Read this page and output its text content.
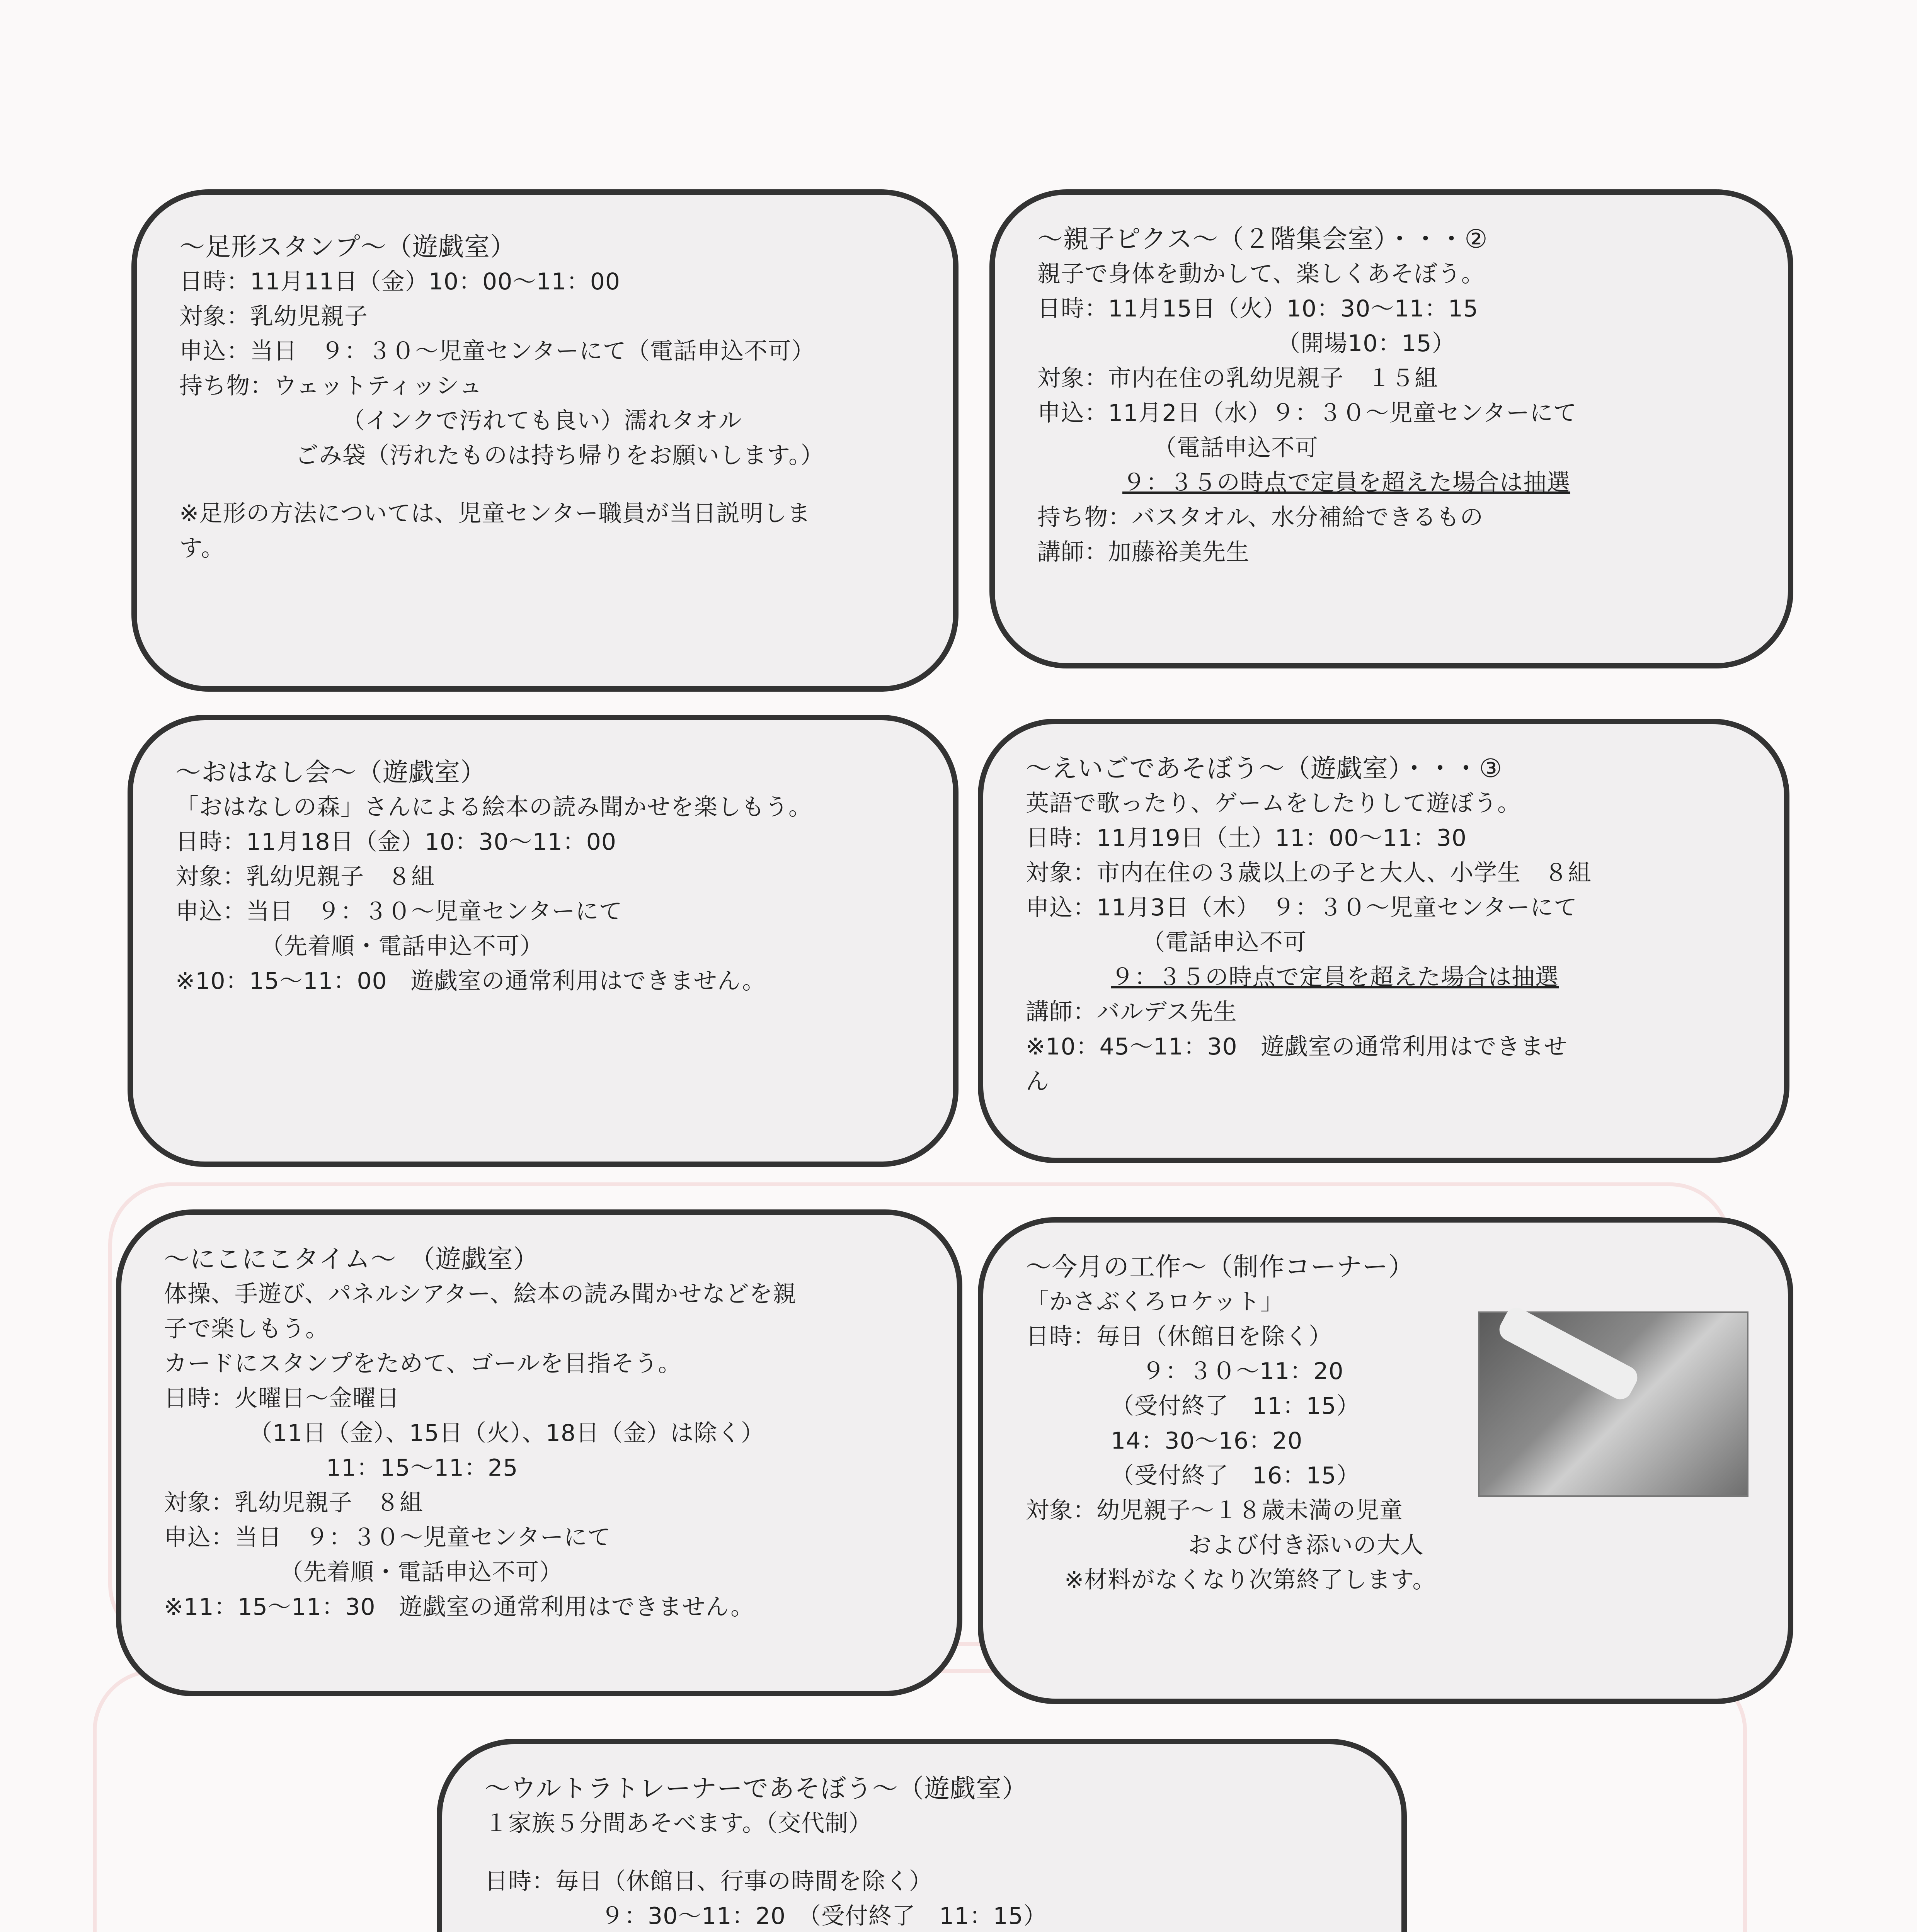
～足形スタンプ～（遊戯室）
日時：11月11日（金）10：00～11：00
対象：乳幼児親子
申込：当日　９：３０～児童センターにて（電話申込不可）
持ち物：ウェットティッシュ
（インクで汚れても良い）濡れタオル
ごみ袋（汚れたものは持ち帰りをお願いします。）
※足形の方法については、児童センター職員が当日説明しま
す。
～親子ピクス～（２階集会室）・・・②
親子で身体を動かして、楽しくあそぼう。
日時：11月15日（火）10：30～11：15
（開場10：15）
対象：市内在住の乳幼児親子　１５組
申込：11月2日（水）９：３０～児童センターにて
（電話申込不可
９：３５の時点で定員を超えた場合は抽選
持ち物：バスタオル、水分補給できるもの
講師：加藤裕美先生
～おはなし会～（遊戯室）
「おはなしの森」さんによる絵本の読み聞かせを楽しもう。
日時：11月18日（金）10：30～11：00
対象：乳幼児親子　８組
申込：当日　９：３０～児童センターにて
（先着順・電話申込不可）
※10：15～11：00　遊戯室の通常利用はできません。
～えいごであそぼう～（遊戯室）・・・③
英語で歌ったり、ゲームをしたりして遊ぼう。
日時：11月19日（土）11：00～11：30
対象：市内在住の３歳以上の子と大人、小学生　８組
申込：11月3日（木）　９：３０～児童センターにて
（電話申込不可
９：３５の時点で定員を超えた場合は抽選
講師：バルデス先生
※10：45～11：30　遊戯室の通常利用はできませ
ん
～にこにこタイム～　（遊戯室）
体操、手遊び、パネルシアター、絵本の読み聞かせなどを親
子で楽しもう。
カードにスタンプをためて、ゴールを目指そう。
日時：火曜日～金曜日
（11日（金）、15日（火）、18日（金）は除く）
11：15～11：25
対象：乳幼児親子　８組
申込：当日　９：３０～児童センターにて
（先着順・電話申込不可）
※11：15～11：30　遊戯室の通常利用はできません。
～今月の工作～（制作コーナー）
「かさぶくろロケット」
日時：毎日（休館日を除く）
９：３０～11：20
（受付終了　11：15）
14：30～16：20
（受付終了　16：15）
対象：幼児親子～１８歳未満の児童
および付き添いの大人
※材料がなくなり次第終了します。
～ウルトラトレーナーであそぼう～（遊戯室）
１家族５分間あそべます。（交代制）
日時：毎日（休館日、行事の時間を除く）
９：30～11：20　（受付終了　11：15）
